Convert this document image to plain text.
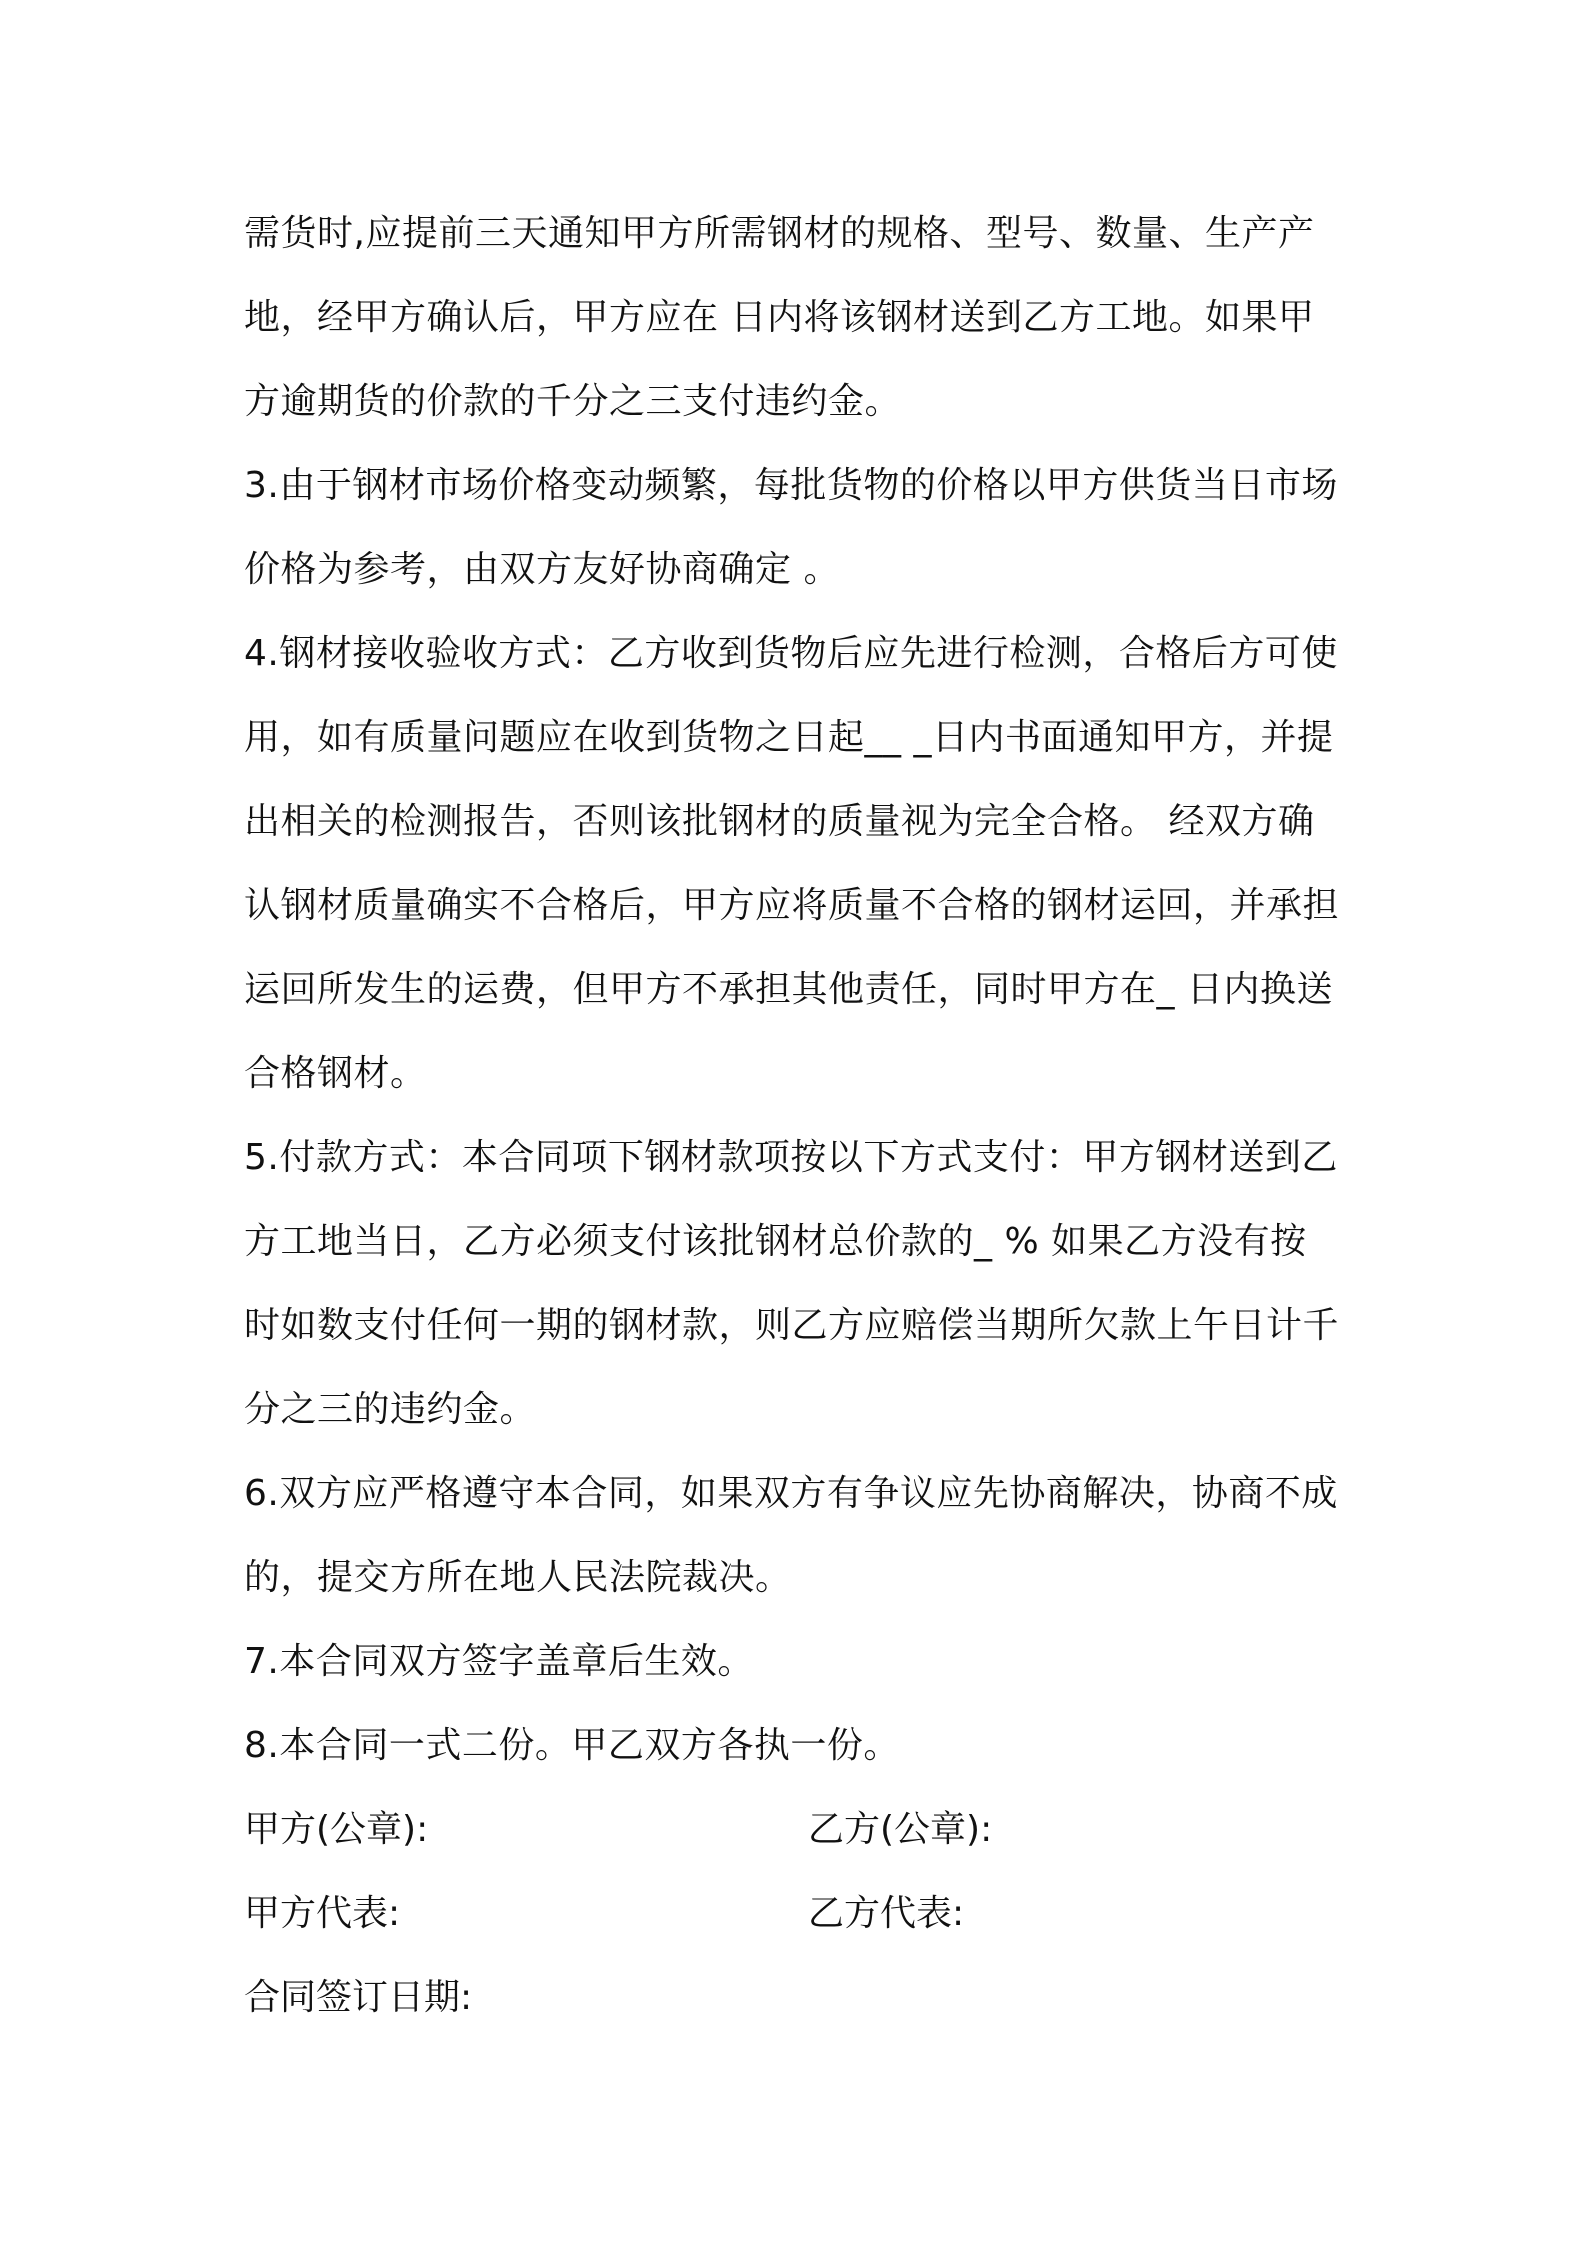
需货时,应提前三天通知甲方所需钢材的规格、型号、数量、生产产
地，经甲方确认后，甲方应在 日内将该钢材送到乙方工地。如果甲
方逾期货的价款的千分之三支付违约金。
3.由于钢材市场价格变动频繁，每批货物的价格以甲方供货当日市场
价格为参考，由双方友好协商确定 。
4.钢材接收验收方式：乙方收到货物后应先进行检测，合格后方可使
用，如有质量问题应在收到货物之日起__ _日内书面通知甲方，并提
出相关的检测报告，否则该批钢材的质量视为完全合格。 经双方确
认钢材质量确实不合格后，甲方应将质量不合格的钢材运回，并承担
运回所发生的运费，但甲方不承担其他责任，同时甲方在_ 日内换送
合格钢材。
5.付款方式：本合同项下钢材款项按以下方式支付：甲方钢材送到乙
方工地当日，乙方必须支付该批钢材总价款的_ % 如果乙方没有按
时如数支付任何一期的钢材款，则乙方应赔偿当期所欠款上午日计千
分之三的违约金。
6.双方应严格遵守本合同，如果双方有争议应先协商解决，协商不成
的，提交方所在地人民法院裁决。
7.本合同双方签字盖章后生效。
8.本合同一式二份。甲乙双方各执一份。
甲方(公章):	乙方(公章):
甲方代表:	乙方代表:
合同签订日期:
